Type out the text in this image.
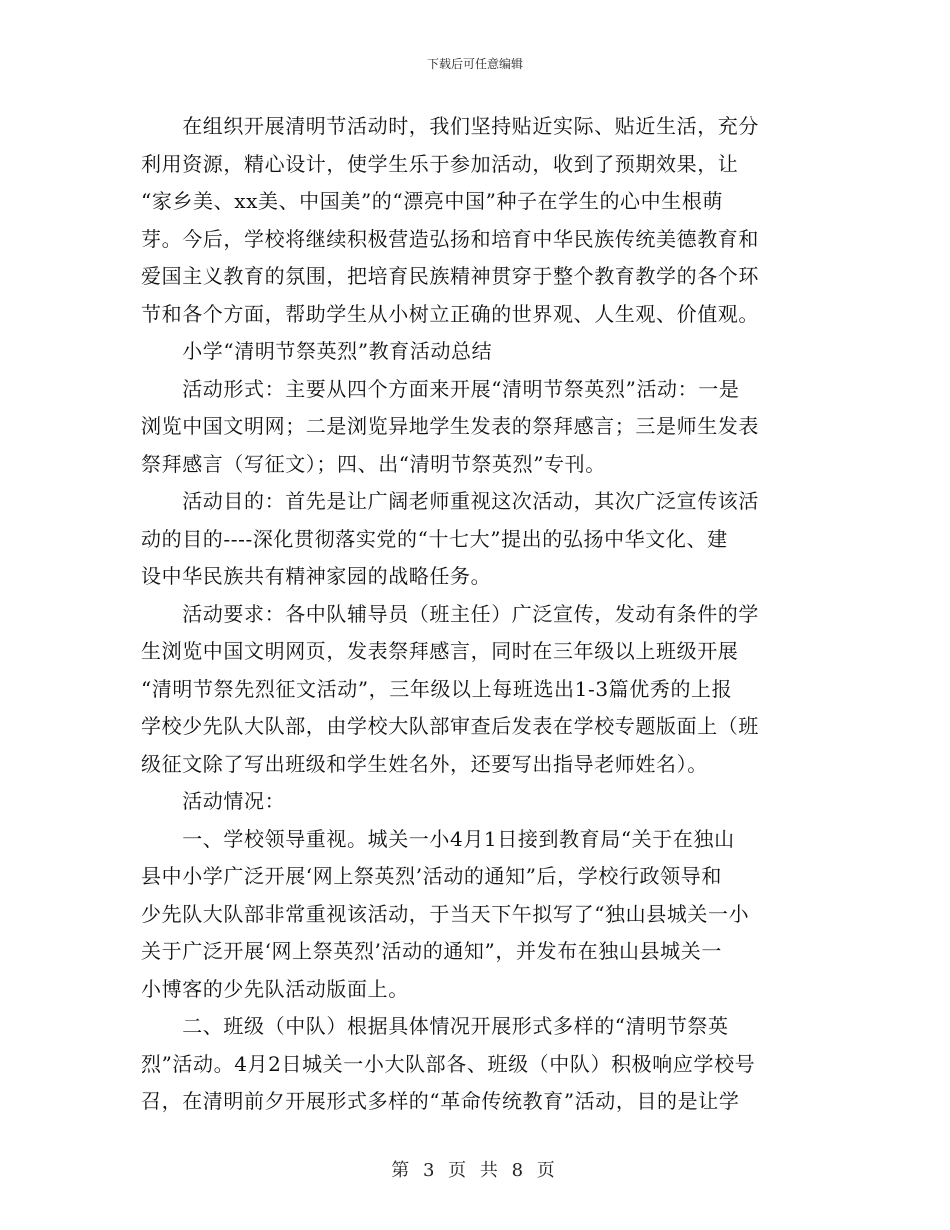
下载后可任意编辑
　　在组织开展清明节活动时，我们坚持贴近实际、贴近生活，充分
利用资源，精心设计，使学生乐于参加活动，收到了预期效果，让
“家乡美、xx美、中国美”的“漂亮中国”种子在学生的心中生根萌
芽。今后，学校将继续积极营造弘扬和培育中华民族传统美德教育和
爱国主义教育的氛围，把培育民族精神贯穿于整个教育教学的各个环
节和各个方面，帮助学生从小树立正确的世界观、人生观、价值观。
　　小学“清明节祭英烈”教育活动总结
　　活动形式：主要从四个方面来开展“清明节祭英烈”活动：一是
浏览中国文明网；二是浏览异地学生发表的祭拜感言；三是师生发表
祭拜感言（写征文）；四、出“清明节祭英烈”专刊。
　　活动目的：首先是让广阔老师重视这次活动，其次广泛宣传该活
动的目的----深化贯彻落实党的“十七大”提出的弘扬中华文化、建
设中华民族共有精神家园的战略任务。
　　活动要求：各中队辅导员（班主任）广泛宣传，发动有条件的学
生浏览中国文明网页，发表祭拜感言，同时在三年级以上班级开展
“清明节祭先烈征文活动”，三年级以上每班选出1-3篇优秀的上报
学校少先队大队部，由学校大队部审查后发表在学校专题版面上（班
级征文除了写出班级和学生姓名外，还要写出指导老师姓名）。
　　活动情况：
　　一、学校领导重视。城关一小4月1日接到教育局“关于在独山
县中小学广泛开展‘网上祭英烈’活动的通知”后，学校行政领导和
少先队大队部非常重视该活动，于当天下午拟写了“独山县城关一小
关于广泛开展‘网上祭英烈’活动的通知”，并发布在独山县城关一
小博客的少先队活动版面上。
　　二、班级（中队）根据具体情况开展形式多样的“清明节祭英
烈”活动。4月2日城关一小大队部各、班级（中队）积极响应学校号
召，在清明前夕开展形式多样的“革命传统教育”活动，目的是让学
第 3 页 共 8 页
